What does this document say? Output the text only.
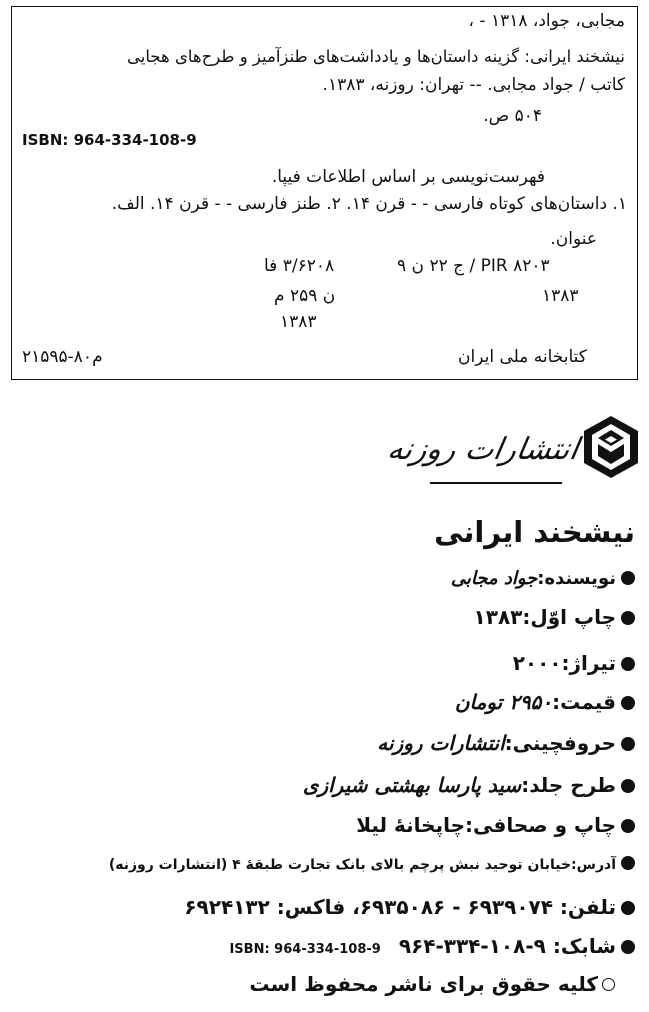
مجابی، جواد، ۱۳۱۸ - ،
نیشخند ایرانی: گزینه داستان‌ها و یادداشت‌های طنزآمیز و طرح‌های هجایی
کاتب / جواد مجابی. -- تهران: روزنه، ۱۳۸۳.
۵۰۴ ص.
ISBN: 964-334-108-9
فهرست‌نویسی بر اساس اطلاعات فیپا.
۱. داستان‌های کوتاه فارسی - - قرن ۱۴. ۲. طنز فارسی - - قرن ۱۴. الف.
عنوان.
PIR ۸۲۰۳ / ج ۲۲ ن ۹
۱۳۸۳
۳/۶۲۰۸ فا
ن ۲۵۹ م
۱۳۸۳
کتابخانه ملی ایران
م۸۰-۲۱۵۹۵
انتشارات روزنه
نیشخند ایرانی
نویسنده:جواد مجابی
چاپ اوّل:۱۳۸۳
تیراژ:۲۰۰۰
قیمت:۲۹۵۰ تومان
حروفچینی:انتشارات روزنه
طرح جلد:سید پارسا بهشتی شیرازی
چاپ و صحافی:چاپخانهٔ لیلا
آدرس:خیابان توحید نبش پرچم بالای بانک تجارت طبقهٔ ۴ (انتشارات روزنه)
تلفن: ۶۹۳۹۰۷۴ - ۶۹۳۵۰۸۶، فاکس: ۶۹۲۴۱۳۲
شابک: ۹-۱۰۸-۳۳۴-۹۶۴ISBN: 964-334-108-9
کلیه حقوق برای ناشر محفوظ است
